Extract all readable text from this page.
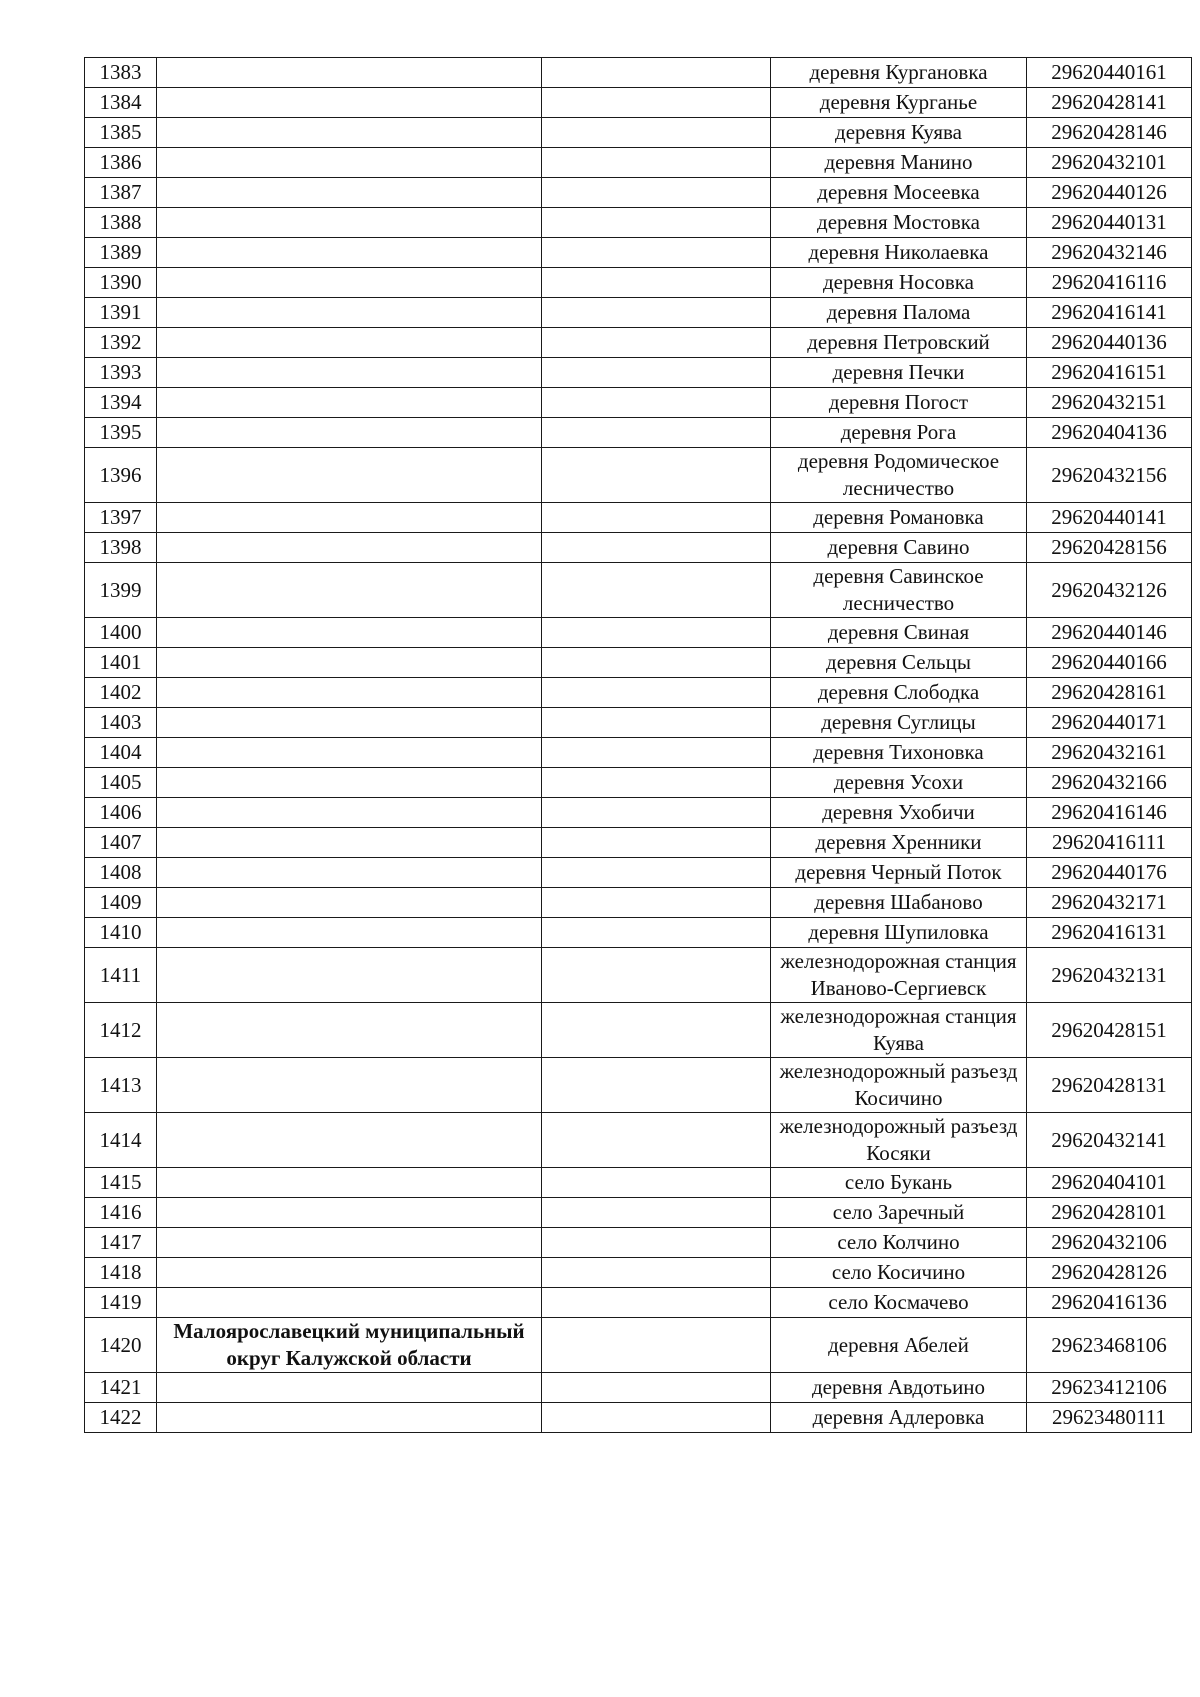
1383			деревня Кургановка	29620440161
1384			деревня Курганье	29620428141
1385			деревня Куява	29620428146
1386			деревня Манино	29620432101
1387			деревня Мосеевка	29620440126
1388			деревня Мостовка	29620440131
1389			деревня Николаевка	29620432146
1390			деревня Носовка	29620416116
1391			деревня Палома	29620416141
1392			деревня Петровский	29620440136
1393			деревня Печки	29620416151
1394			деревня Погост	29620432151
1395			деревня Рога	29620404136
1396			деревня Родомическое лесничество	29620432156
1397			деревня Романовка	29620440141
1398			деревня Савино	29620428156
1399			деревня Савинское лесничество	29620432126
1400			деревня Свиная	29620440146
1401			деревня Сельцы	29620440166
1402			деревня Слободка	29620428161
1403			деревня Суглицы	29620440171
1404			деревня Тихоновка	29620432161
1405			деревня Усохи	29620432166
1406			деревня Ухобичи	29620416146
1407			деревня Хренники	29620416111
1408			деревня Черный Поток	29620440176
1409			деревня Шабаново	29620432171
1410			деревня Шупиловка	29620416131
1411			железнодорожная станция Иваново-Сергиевск	29620432131
1412			железнодорожная станция Куява	29620428151
1413			железнодорожный разъезд Косичино	29620428131
1414			железнодорожный разъезд Косяки	29620432141
1415			село Букань	29620404101
1416			село Заречный	29620428101
1417			село Колчино	29620432106
1418			село Косичино	29620428126
1419			село Космачево	29620416136
1420	Малоярославецкий муниципальный округ Калужской области		деревня Абелей	29623468106
1421			деревня Авдотьино	29623412106
1422			деревня Адлеровка	29623480111
